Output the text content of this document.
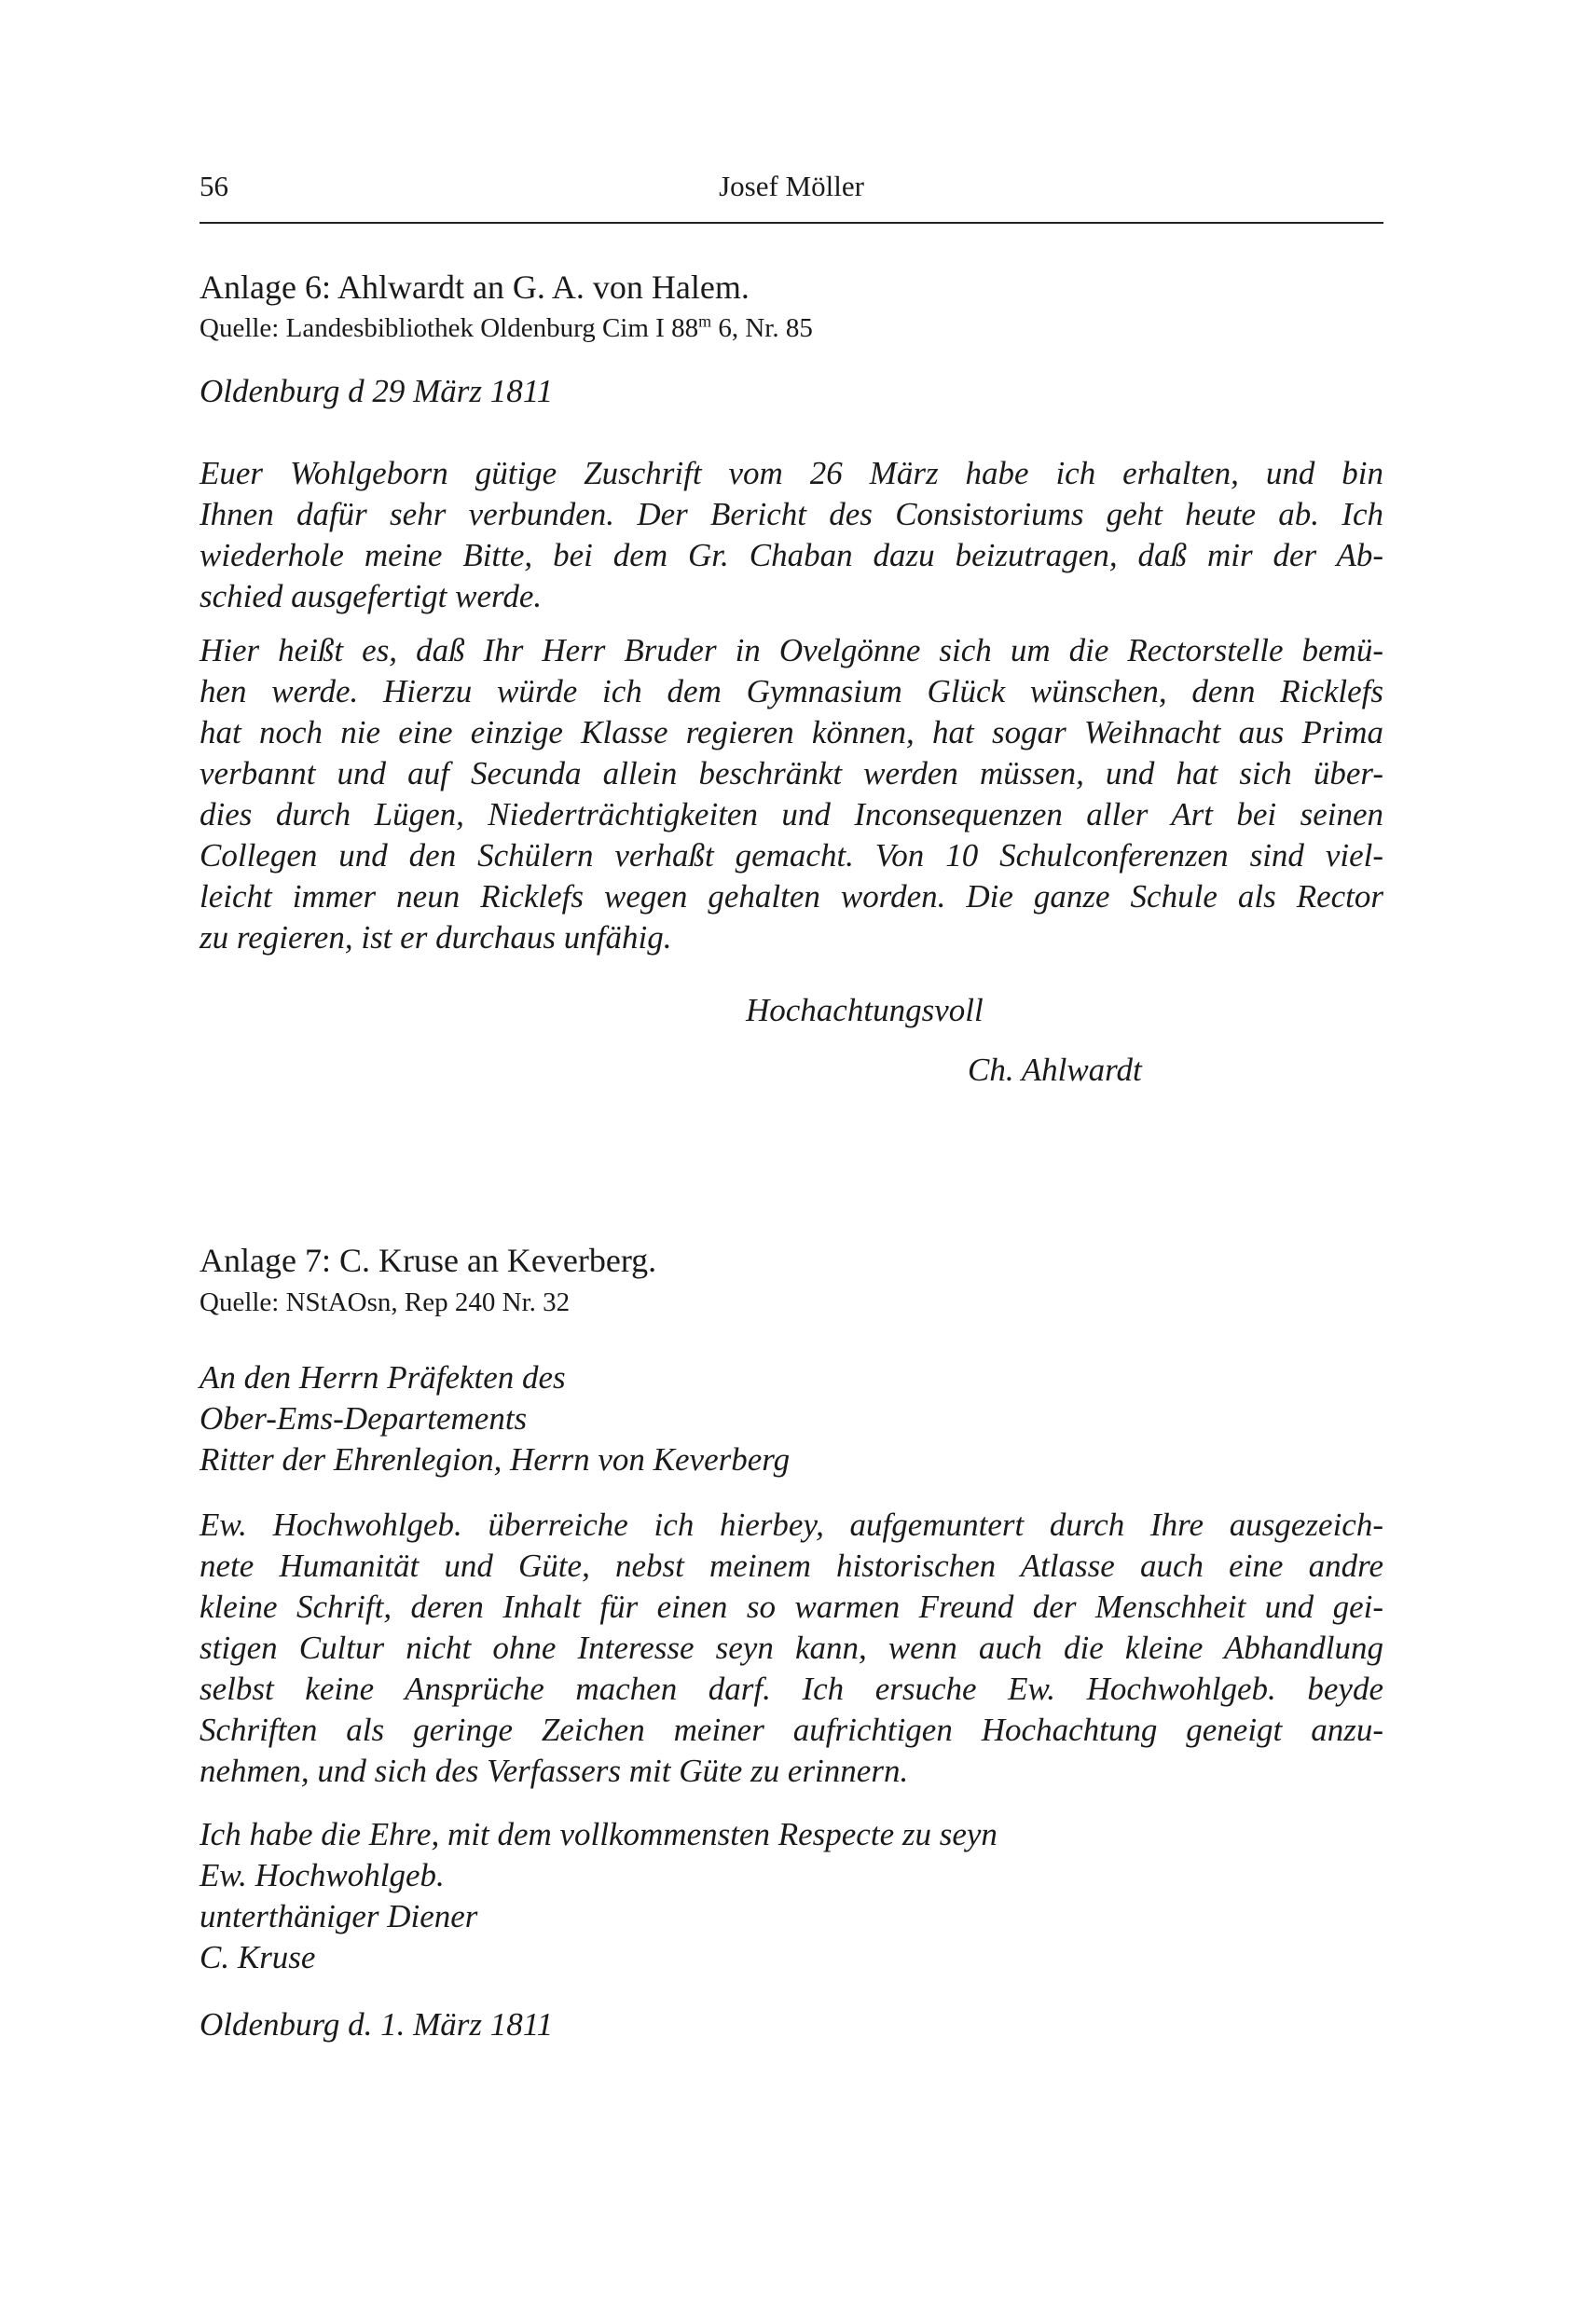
56	Josef Möller
Anlage 6: Ahlwardt an G. A. von Halem.
Quelle: Landesbibliothek Oldenburg Cim I 88$^m$ 6, Nr. 85
Oldenburg d 29 März 1811
Euer Wohlgeborn gütige Zuschrift vom 26 März habe ich erhalten, und bin
Ihnen dafür sehr verbunden. Der Bericht des Consistoriums geht heute ab. Ich
wiederhole meine Bitte, bei dem Gr. Chaban dazu beizutragen, daß mir der Ab-
schied ausgefertigt werde.
Hier heißt es, daß Ihr Herr Bruder in Ovelgönne sich um die Rectorstelle bemü-
hen werde. Hierzu würde ich dem Gymnasium Glück wünschen, denn Ricklefs
hat noch nie eine einzige Klasse regieren können, hat sogar Weihnacht aus Prima
verbannt und auf Secunda allein beschränkt werden müssen, und hat sich über-
dies durch Lügen, Niederträchtigkeiten und Inconsequenzen aller Art bei seinen
Collegen und den Schülern verhaßt gemacht. Von 10 Schulconferenzen sind viel-
leicht immer neun Ricklefs wegen gehalten worden. Die ganze Schule als Rector
zu regieren, ist er durchaus unfähig.
Hochachtungsvoll
Ch. Ahlwardt
Anlage 7: C. Kruse an Keverberg.
Quelle: NStAOsn, Rep 240 Nr. 32
An den Herrn Präfekten des
Ober-Ems-Departements
Ritter der Ehrenlegion, Herrn von Keverberg
Ew. Hochwohlgeb. überreiche ich hierbey, aufgemuntert durch Ihre ausgezeich-
nete Humanität und Güte, nebst meinem historischen Atlasse auch eine andre
kleine Schrift, deren Inhalt für einen so warmen Freund der Menschheit und gei-
stigen Cultur nicht ohne Interesse seyn kann, wenn auch die kleine Abhandlung
selbst keine Ansprüche machen darf. Ich ersuche Ew. Hochwohlgeb. beyde
Schriften als geringe Zeichen meiner aufrichtigen Hochachtung geneigt anzu-
nehmen, und sich des Verfassers mit Güte zu erinnern.
Ich habe die Ehre, mit dem vollkommensten Respecte zu seyn
Ew. Hochwohlgeb.
unterthäniger Diener
C. Kruse
Oldenburg d. 1. März 1811
